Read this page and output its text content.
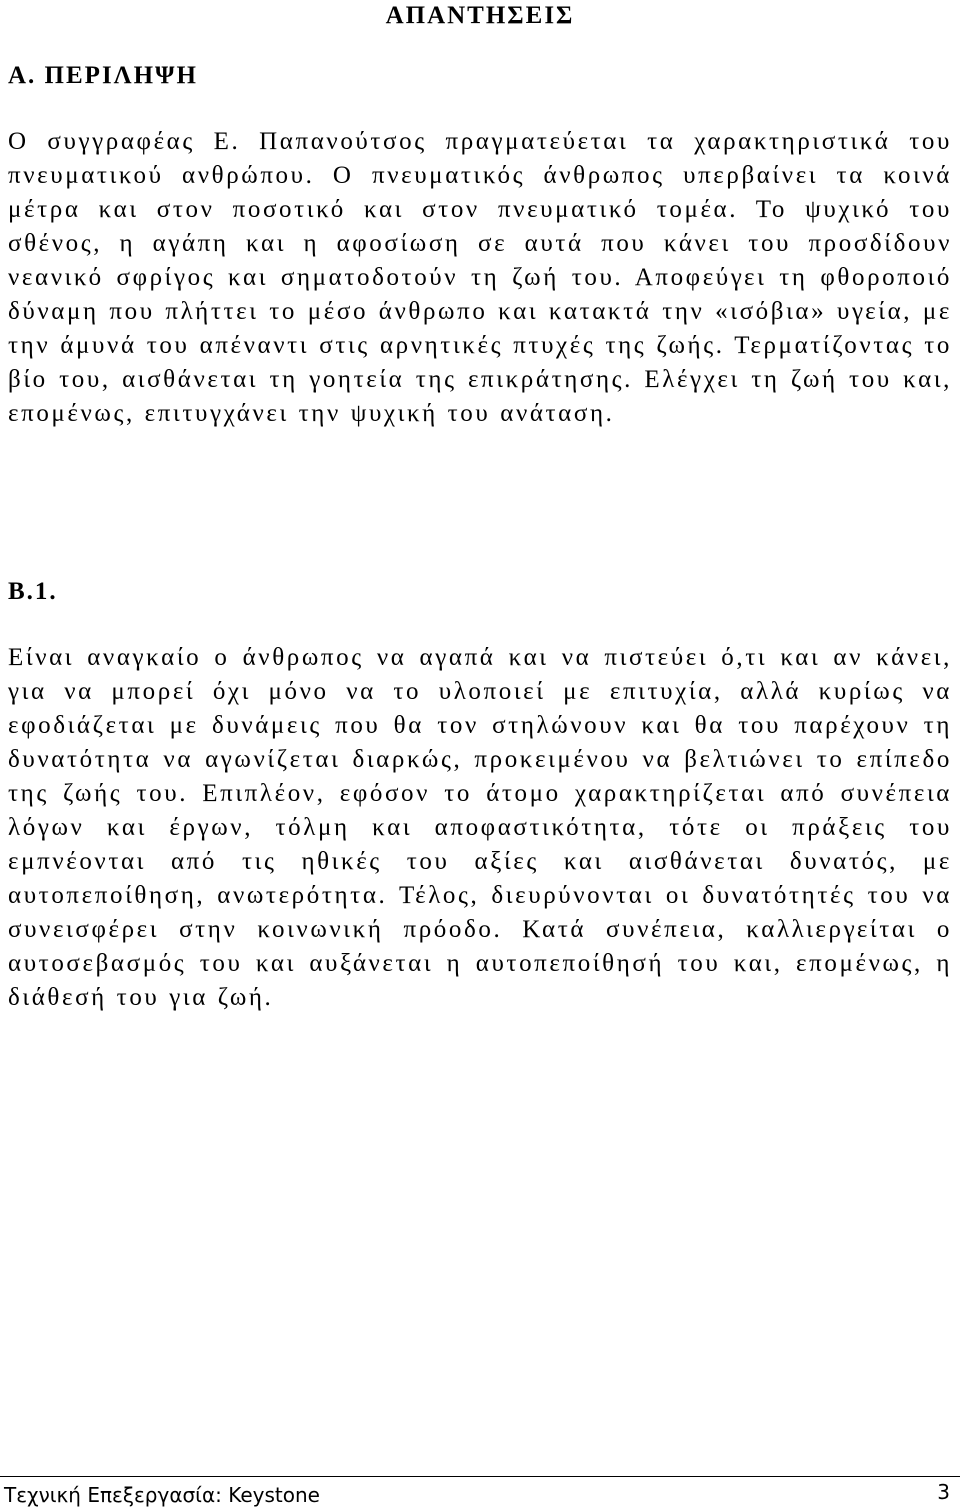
ΑΠΑΝΤΗΣΕΙΣ
Α. ΠΕΡΙΛΗΨΗ

Ο συγγραφέας Ε. Παπανούτσος πραγματεύεται τα χαρακτηριστικά του πνευματικού ανθρώπου. Ο πνευματικός άνθρωπος υπερβαίνει τα κοινά μέτρα και στον ποσοτικό και στον πνευματικό τομέα. Το ψυχικό του σθένος, η αγάπη και η αφοσίωση σε αυτά που κάνει του προσδίδουν νεανικό σφρίγος και σηματοδοτούν τη ζωή του. Αποφεύγει τη φθοροποιό δύναμη που πλήττει το μέσο άνθρωπο και κατακτά την «ισόβια» υγεία, με την άμυνά του απέναντι στις αρνητικές πτυχές της ζωής. Τερματίζοντας το βίο του, αισθάνεται τη γοητεία της επικράτησης. Ελέγχει τη ζωή του και, επομένως, επιτυγχάνει την ψυχική του ανάταση.

Β.1.

Είναι αναγκαίο ο άνθρωπος να αγαπά και να πιστεύει ό,τι και αν κάνει, για να μπορεί όχι μόνο να το υλοποιεί με επιτυχία, αλλά κυρίως να εφοδιάζεται με δυνάμεις που θα τον στηλώνουν και θα του παρέχουν τη δυνατότητα να αγωνίζεται διαρκώς, προκειμένου να βελτιώνει το επίπεδο της ζωής του. Επιπλέον, εφόσον το άτομο χαρακτηρίζεται από συνέπεια λόγων και έργων, τόλμη και αποφαστικότητα, τότε οι πράξεις του εμπνέονται από τις ηθικές του αξίες και αισθάνεται δυνατός, με αυτοπεποίθηση, ανωτερότητα. Τέλος, διευρύνονται οι δυνατότητές του να συνεισφέρει στην κοινωνική πρόοδο. Κατά συνέπεια, καλλιεργείται ο αυτοσεβασμός του και αυξάνεται η αυτοπεποίθησή του και, επομένως, η διάθεσή του για ζωή.

Τεχνική Επεξεργασία: Keystone	3
